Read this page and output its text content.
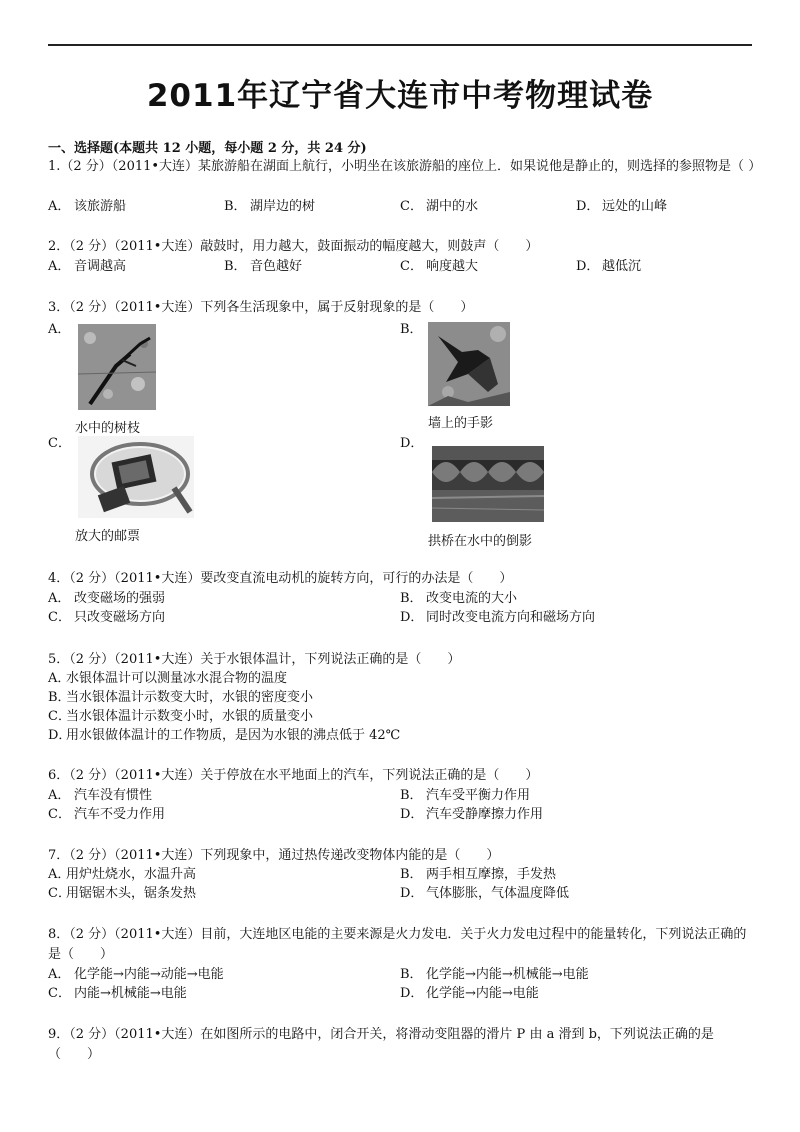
2011年辽宁省大连市中考物理试卷
一、选择题(本题共 12 小题，每小题 2 分，共 24 分)
1.（2 分）（2011•大连）某旅游船在湖面上航行，小明坐在该旅游船的座位上．如果说他是静止的，则选择的参照物是（ ）
A． 该旅游船	B． 湖岸边的树	C． 湖中的水	D． 远处的山峰
2．（2 分）（2011•大连）敲鼓时，用力越大，鼓面振动的幅度越大，则鼓声（　　）
A． 音调越高	B． 音色越好	C． 响度越大	D． 越低沉
3．（2 分）（2011•大连）下列各生活现象中，属于反射现象的是（　　）
A．
水中的树枝
B．
墙上的手影
C．
放大的邮票
D．
拱桥在水中的倒影
4．（2 分）（2011•大连）要改变直流电动机的旋转方向，可行的办法是（　　）
A． 改变磁场的强弱	B． 改变电流的大小
C． 只改变磁场方向	D． 同时改变电流方向和磁场方向
5．（2 分）（2011•大连）关于水银体温计，下列说法正确的是（　　）
A．水银体温计可以测量冰水混合物的温度
B．当水银体温计示数变大时，水银的密度变小
C．当水银体温计示数变小时，水银的质量变小
D．用水银做体温计的工作物质，是因为水银的沸点低于 42℃
6．（2 分）（2011•大连）关于停放在水平地面上的汽车，下列说法正确的是（　　）
A． 汽车没有惯性	B． 汽车受平衡力作用
C． 汽车不受力作用	D． 汽车受静摩擦力作用
7．（2 分）（2011•大连）下列现象中，通过热传递改变物体内能的是（　　）
A．用炉灶烧水，水温升高	B． 两手相互摩擦，手发热
C．用锯锯木头，锯条发热	D． 气体膨胀，气体温度降低
8．（2 分）（2011•大连）目前，大连地区电能的主要来源是火力发电．关于火力发电过程中的能量转化，下列说法正确的是（　　）
A． 化学能→内能→动能→电能	B． 化学能→内能→机械能→电能
C． 内能→机械能→电能	D． 化学能→内能→电能
9．（2 分）（2011•大连）在如图所示的电路中，闭合开关，将滑动变阻器的滑片 P 由 a 滑到 b，下列说法正确的是（　　）
